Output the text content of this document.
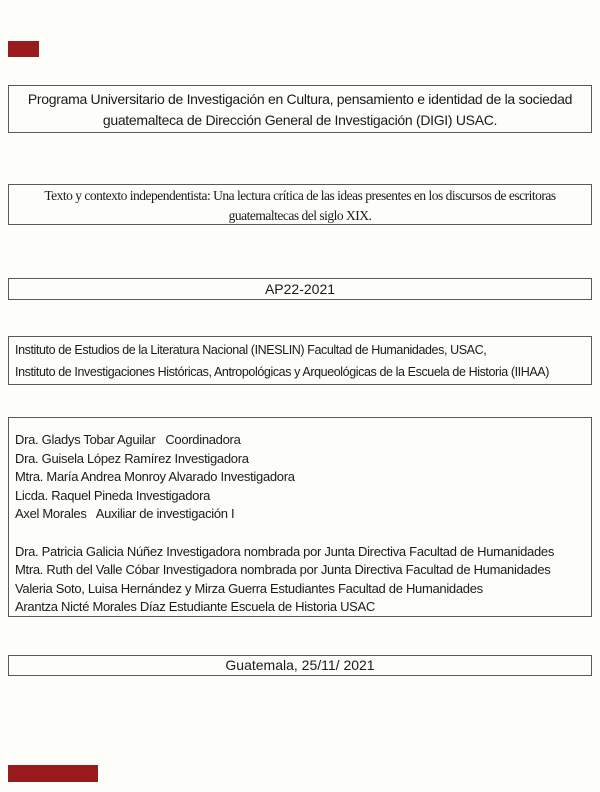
Programa Universitario de Investigación en Cultura, pensamiento e identidad de la sociedad
guatemalteca de Dirección General de Investigación (DIGI) USAC.
Texto y contexto independentista: Una lectura crítica de las ideas presentes en los discursos de escritoras
guatemaltecas del siglo XIX.
AP22-2021
Instituto de Estudios de la Literatura Nacional (INESLIN) Facultad de Humanidades, USAC,
Instituto de Investigaciones Históricas, Antropológicas y Arqueológicas de la Escuela de Historia (IIHAA)
Dra. Gladys Tobar Aguilar   Coordinadora
Dra. Guisela López Ramírez Investigadora
Mtra. María Andrea Monroy Alvarado Investigadora
Licda. Raquel Pineda Investigadora
Axel Morales   Auxiliar de investigación I
Dra. Patricia Galicia Núñez Investigadora nombrada por Junta Directiva Facultad de Humanidades
Mtra. Ruth del Valle Cóbar Investigadora nombrada por Junta Directiva Facultad de Humanidades
Valeria Soto, Luisa Hernández y Mirza Guerra Estudiantes Facultad de Humanidades
Arantza Nicté Morales Díaz Estudiante Escuela de Historia USAC
Guatemala, 25/11/ 2021
